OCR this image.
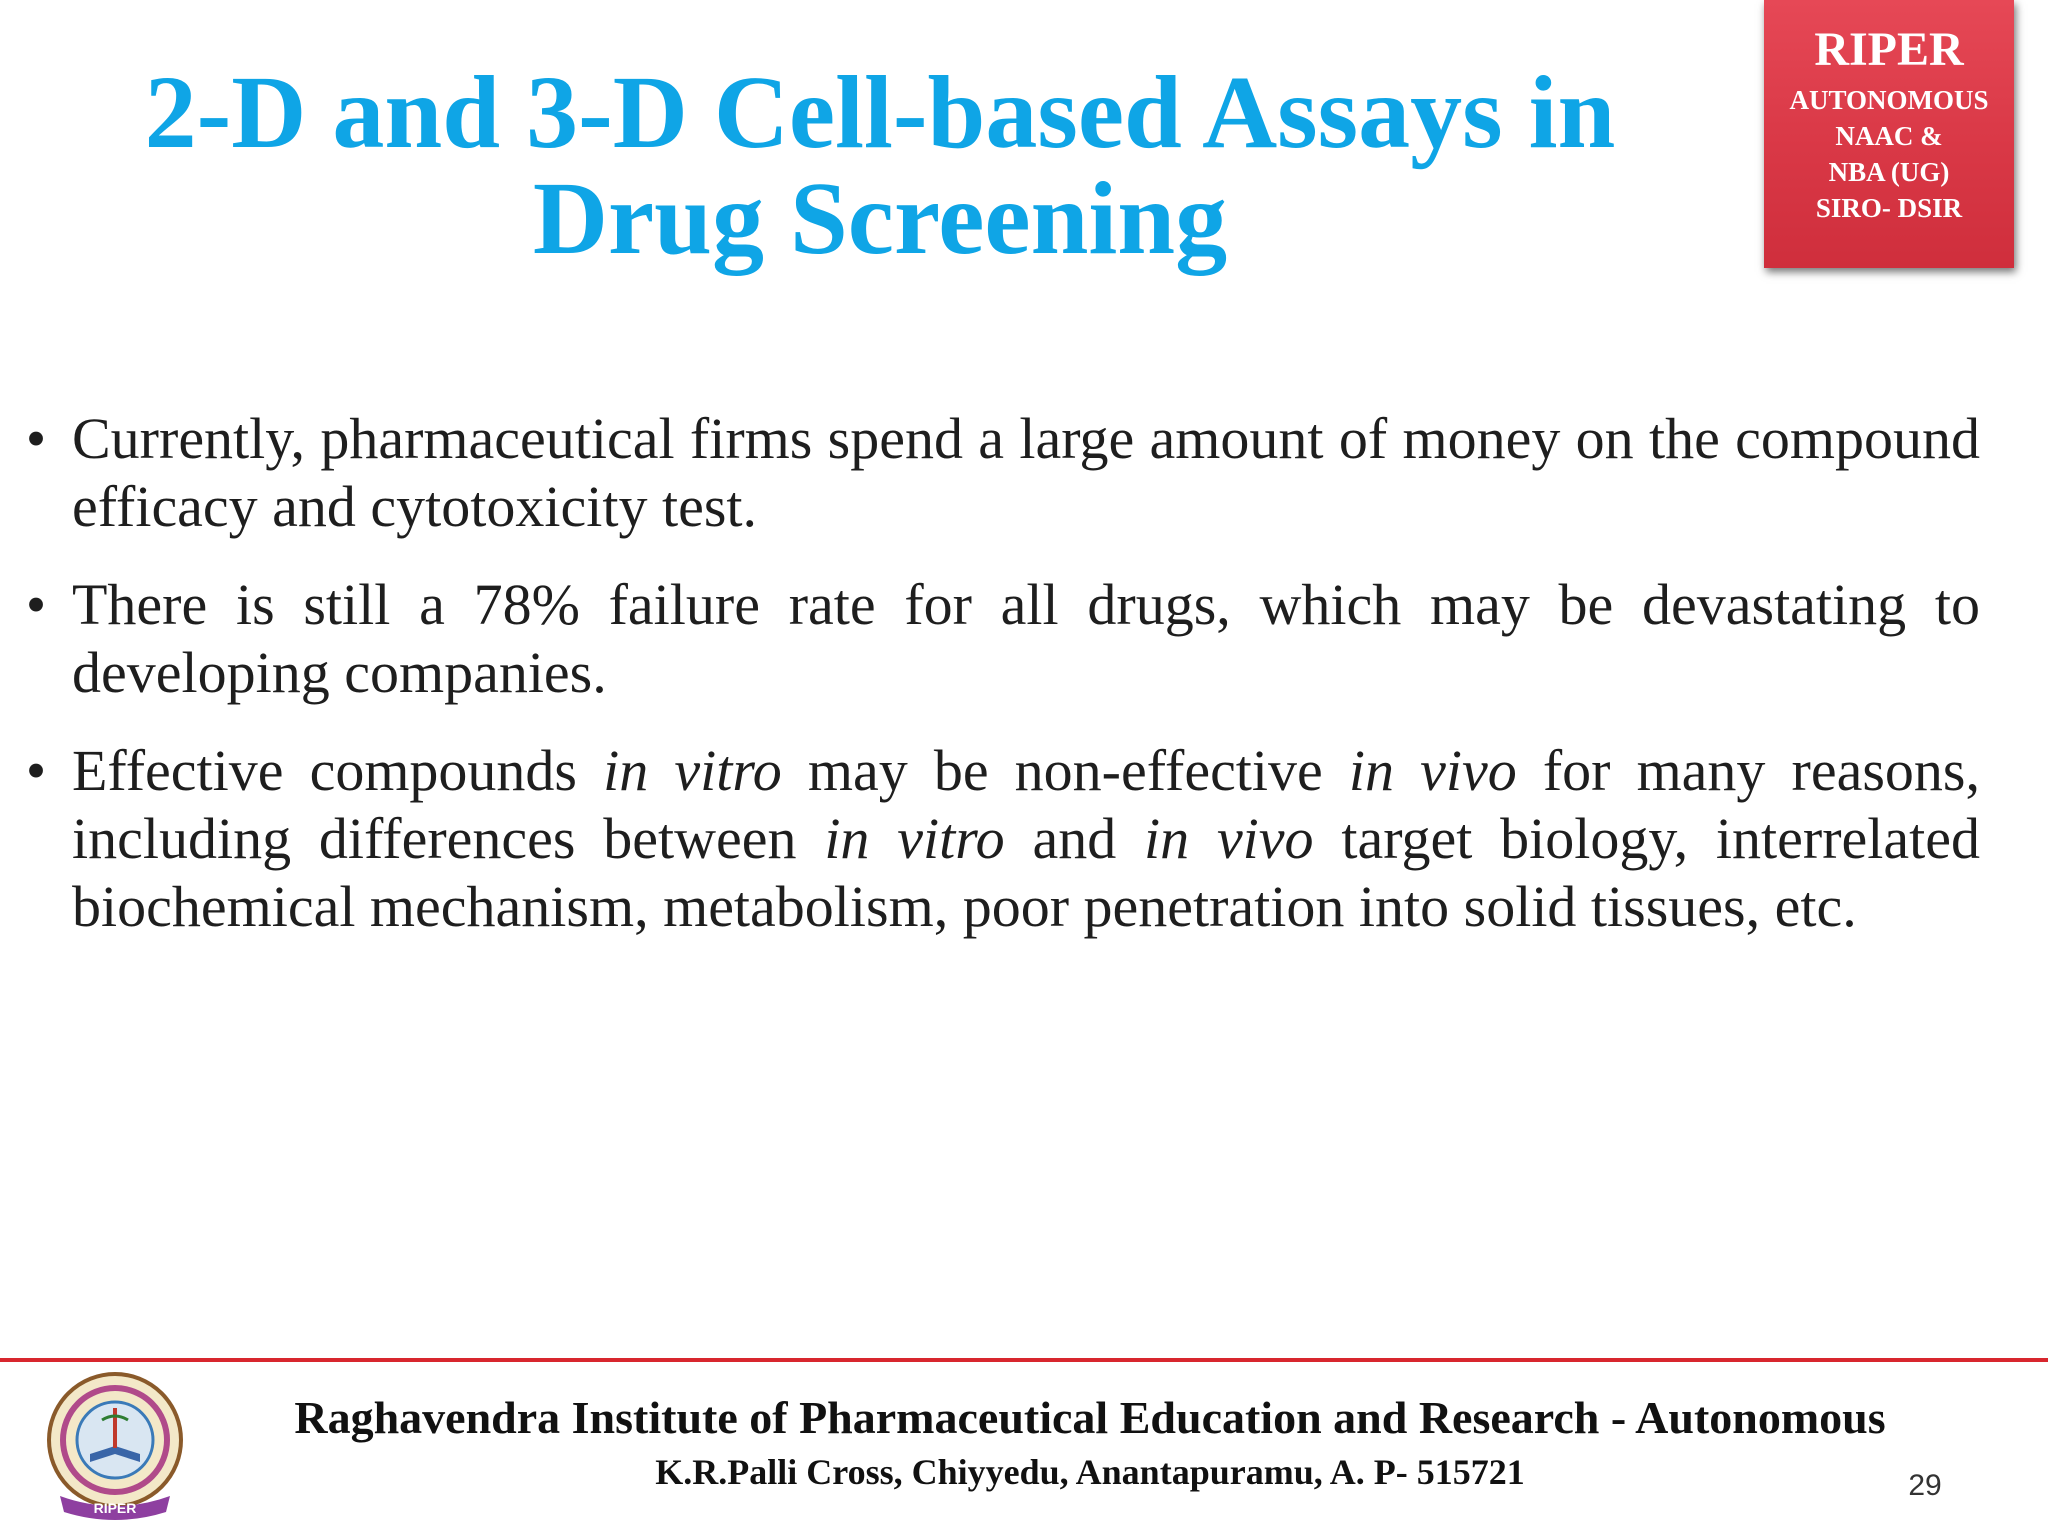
2-D and 3-D Cell-based Assays in
Drug Screening
RIPER
AUTONOMOUS
NAAC &
NBA (UG)
SIRO- DSIR
• Currently, pharmaceutical firms spend a large amount of money on the compound efficacy and cytotoxicity test.
• There is still a 78% failure rate for all drugs, which may be devastating to developing companies.
• Effective compounds in vitro may be non-effective in vivo for many reasons, including differences between in vitro and in vivo target biology, interrelated biochemical mechanism, metabolism, poor penetration into solid tissues, etc.
RIPER
Raghavendra Institute of Pharmaceutical Education and Research - Autonomous
K.R.Palli Cross, Chiyyedu, Anantapuramu, A. P- 515721	29
